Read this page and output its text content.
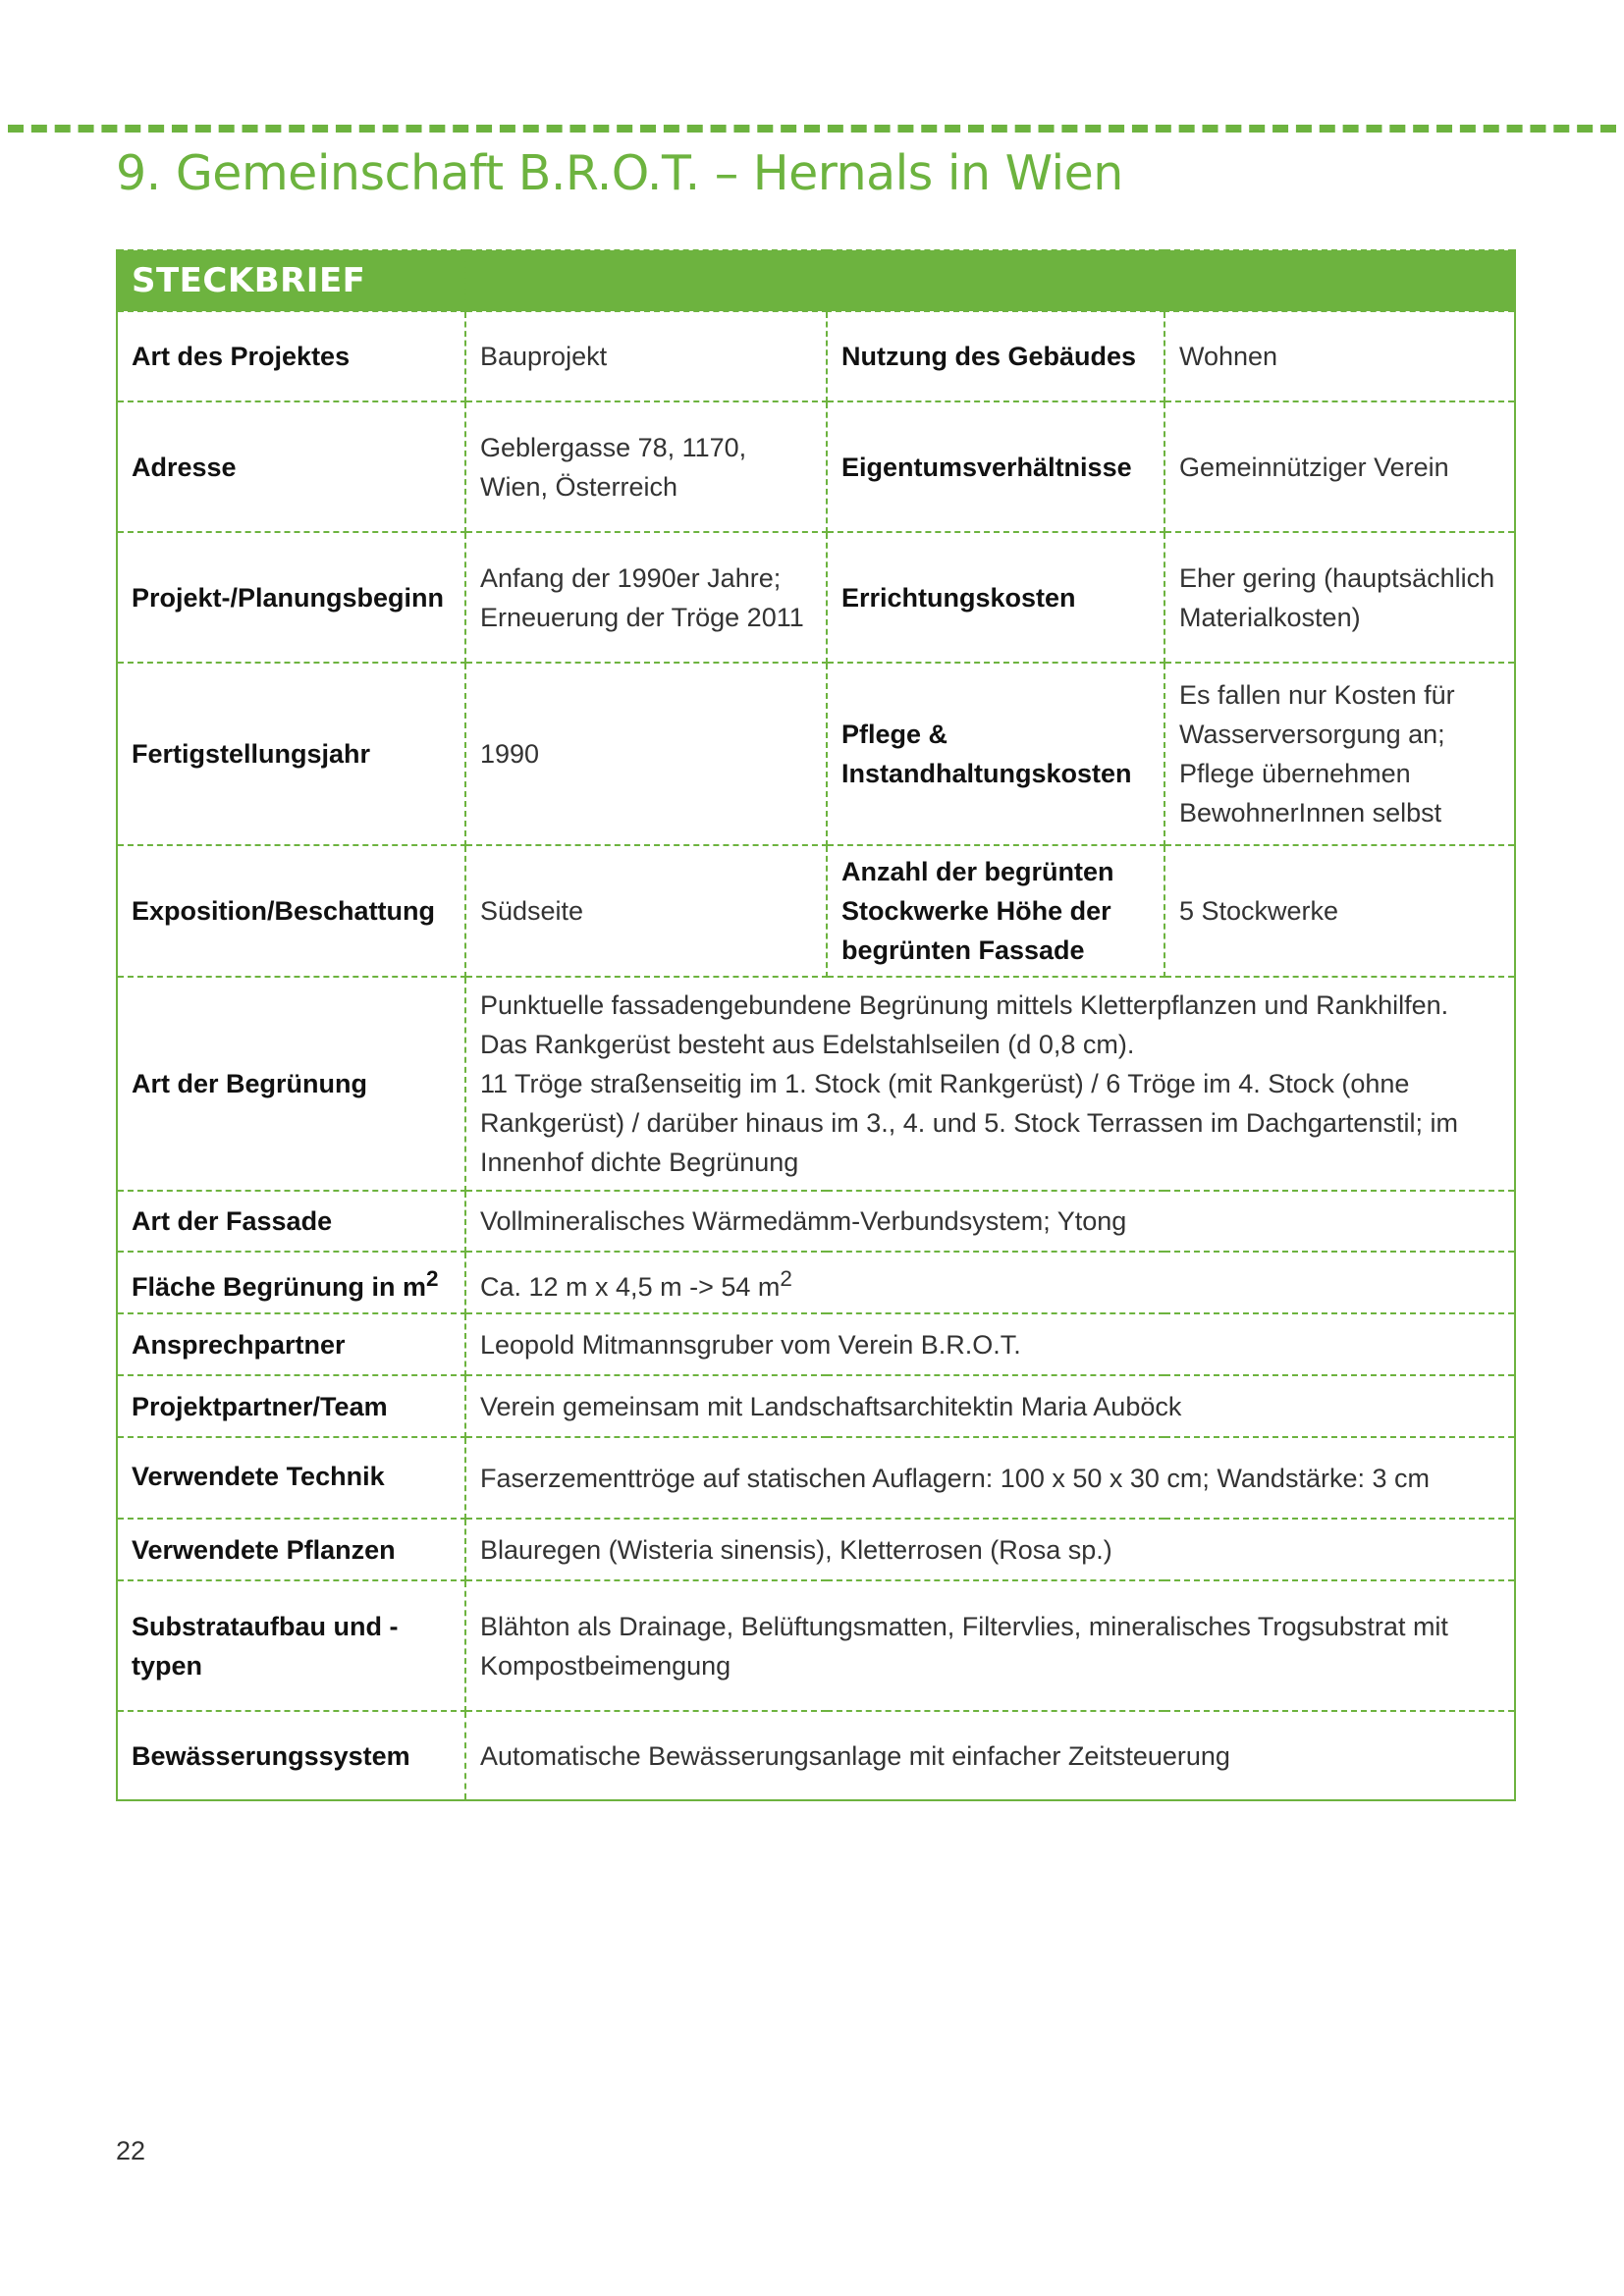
9. Gemeinschaft B.R.O.T. – Hernals in Wien
STECKBRIEF			
Art des Projektes	Bauprojekt	Nutzung des Gebäudes	Wohnen
Adresse	Geblergasse 78, 1170, Wien, Österreich	Eigentumsverhältnisse	Gemeinnütziger Verein
Projekt-/Planungsbeginn	Anfang der 1990er Jahre; Erneuerung der Tröge 2011	Errichtungskosten	Eher gering (hauptsächlich Materialkosten)
Fertigstellungsjahr	1990	Pflege & Instandhaltungskosten	Es fallen nur Kosten für Wasserversorgung an; Pflege übernehmen BewohnerInnen selbst
Exposition/Beschattung	Südseite	Anzahl der begrünten Stockwerke Höhe der begrünten Fassade	5 Stockwerke
Art der Begrünung	Punktuelle fassadengebundene Begrünung mittels Kletterpflanzen und Rankhilfen. Das Rankgerüst besteht aus Edelstahlseilen (d 0,8 cm).
11 Tröge straßenseitig im 1. Stock (mit Rankgerüst) / 6 Tröge im 4. Stock (ohne Rankgerüst) / darüber hinaus im 3., 4. und 5. Stock Terrassen im Dachgartenstil; im Innenhof dichte Begrünung		

Art der Fassade	Vollmineralisches Wärmedämm-Verbundsystem; Ytong		
Fläche Begrünung in $m^2$	Ca. 12 m x 4,5 m -> 54 $m^2$
Ansprechpartner	Leopold Mitmannsgruber vom Verein B.R.O.T.		
Projektpartner/Team	Verein gemeinsam mit Landschaftsarchitektin Maria Auböck		
Verwendete Technik	Faserzementtröge auf statischen Auflagern: 100 x 50 x 30 cm; Wandstärke: 3 cm		
Verwendete Pflanzen	Blauregen (Wisteria sinensis), Kletterrosen (Rosa sp.)		
Substrataufbau und -typen	Blähton als Drainage, Belüftungsmatten, Filtervlies, mineralisches Trogsubstrat mit Kompostbeimengung		
Bewässerungssystem	Automatische Bewässerungsanlage mit einfacher Zeitsteuerung		
22
